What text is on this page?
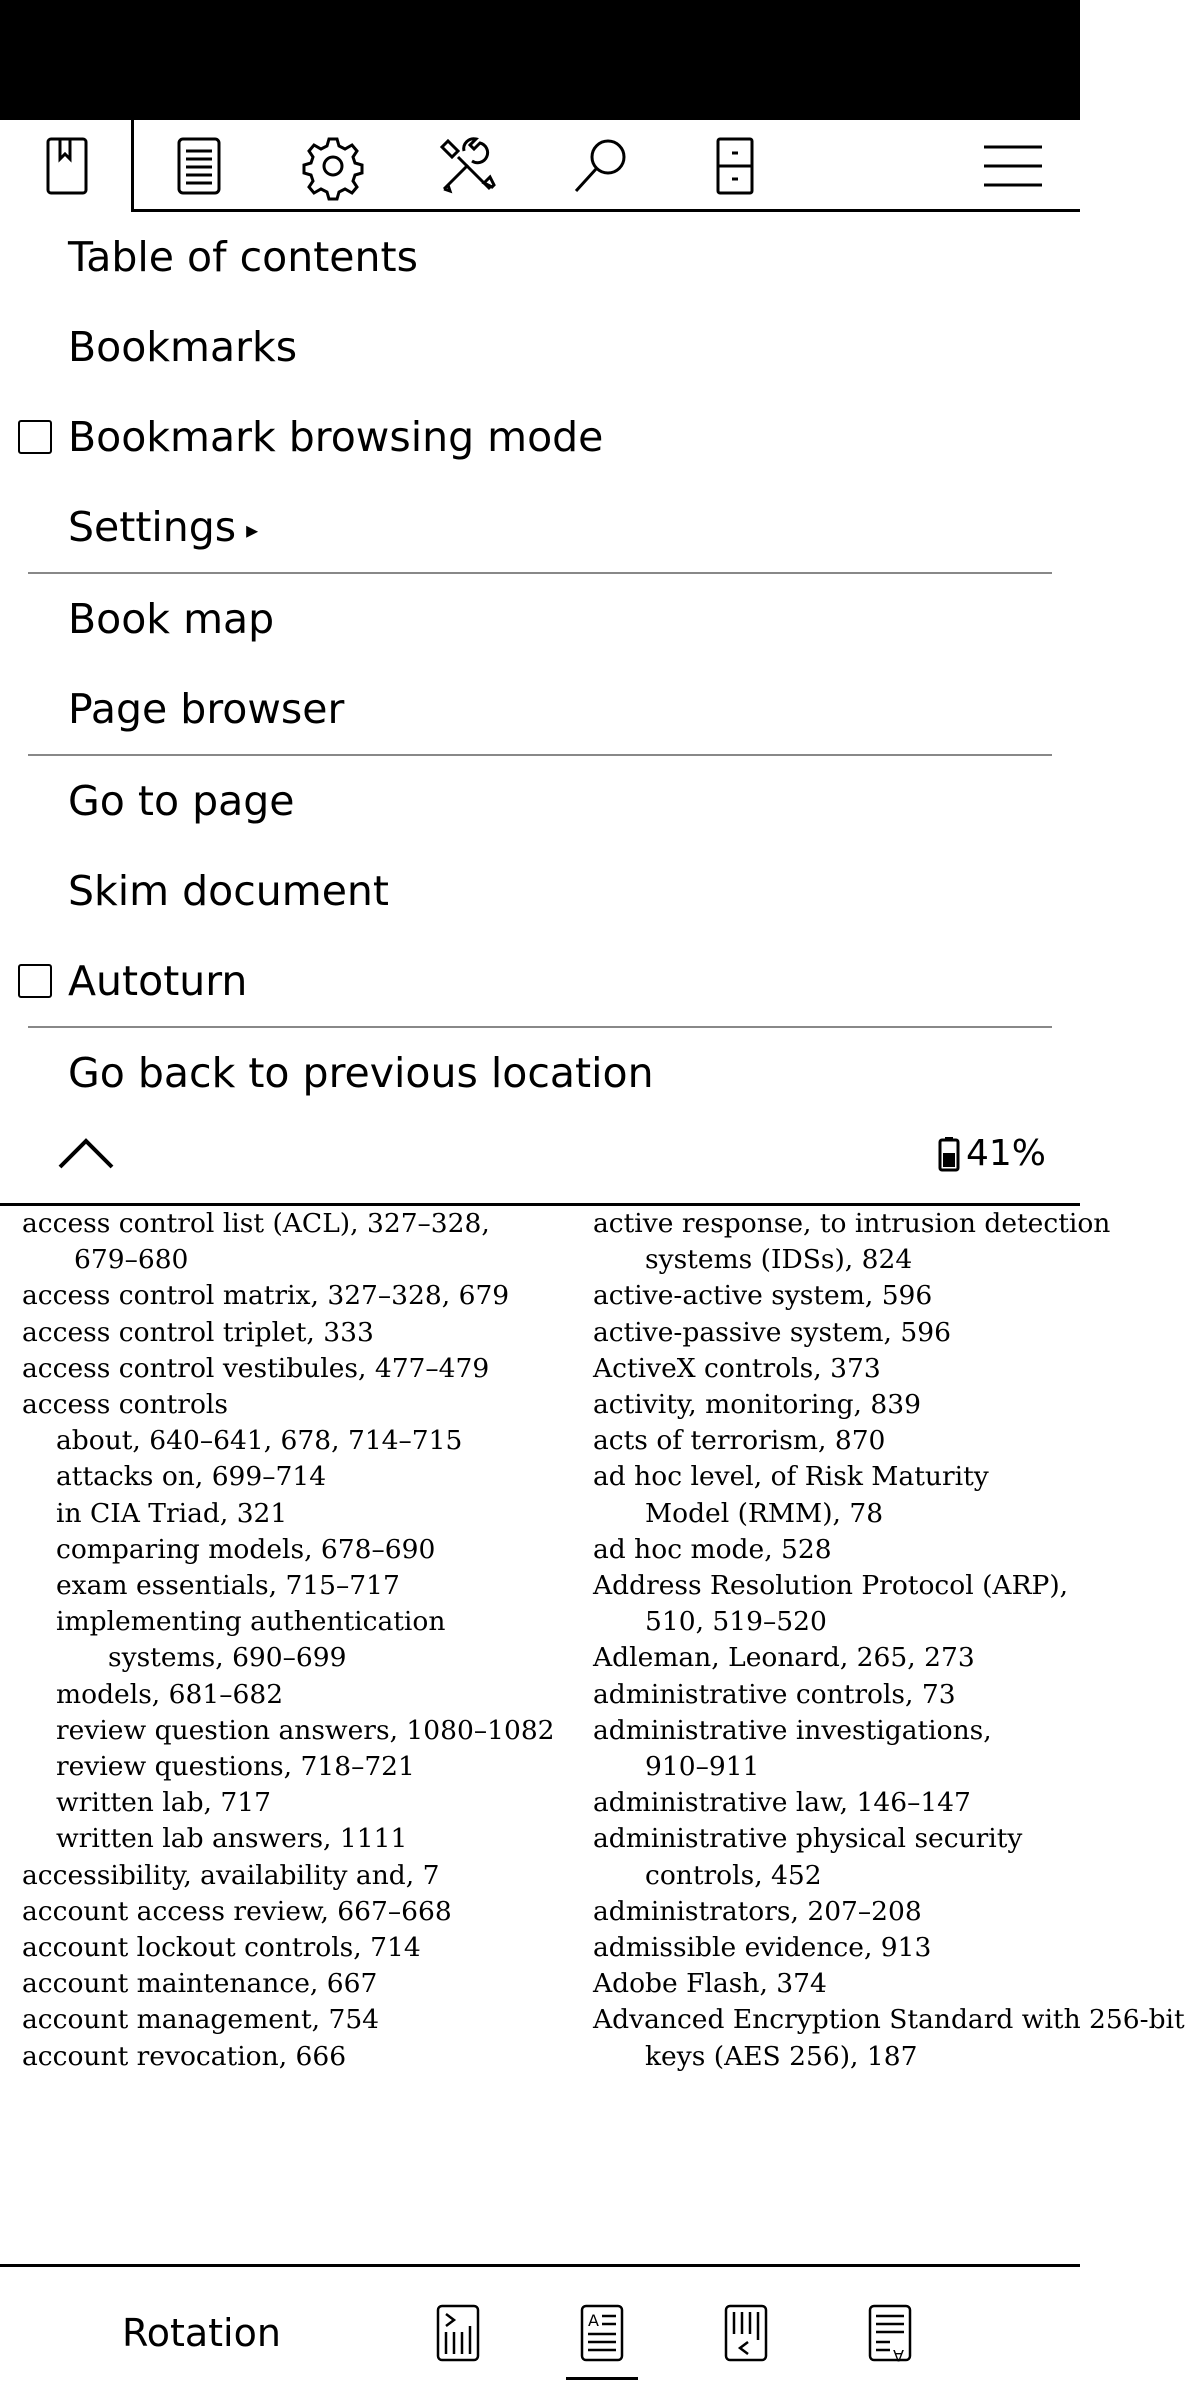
Table of contents
Bookmarks
Bookmark browsing mode
Settings ▸
Book map
Page browser
Go to page
Skim document
Autoturn
Go back to previous location
41%
access control list (ACL), 327–328,
679–680
access control matrix, 327–328, 679
access control triplet, 333
access control vestibules, 477–479
access controls
about, 640–641, 678, 714–715
attacks on, 699–714
in CIA Triad, 321
comparing models, 678–690
exam essentials, 715–717
implementing authentication
systems, 690–699
models, 681–682
review question answers, 1080–1082
review questions, 718–721
written lab, 717
written lab answers, 1111
accessibility, availability and, 7
account access review, 667–668
account lockout controls, 714
account maintenance, 667
account management, 754
account revocation, 666
active response, to intrusion detection
systems (IDSs), 824
active-active system, 596
active-passive system, 596
ActiveX controls, 373
activity, monitoring, 839
acts of terrorism, 870
ad hoc level, of Risk Maturity
Model (RMM), 78
ad hoc mode, 528
Address Resolution Protocol (ARP),
510, 519–520
Adleman, Leonard, 265, 273
administrative controls, 73
administrative investigations,
910–911
administrative law, 146–147
administrative physical security
controls, 452
administrators, 207–208
admissible evidence, 913
Adobe Flash, 374
Advanced Encryption Standard with 256-bit
keys (AES 256), 187
Rotation	A
A
